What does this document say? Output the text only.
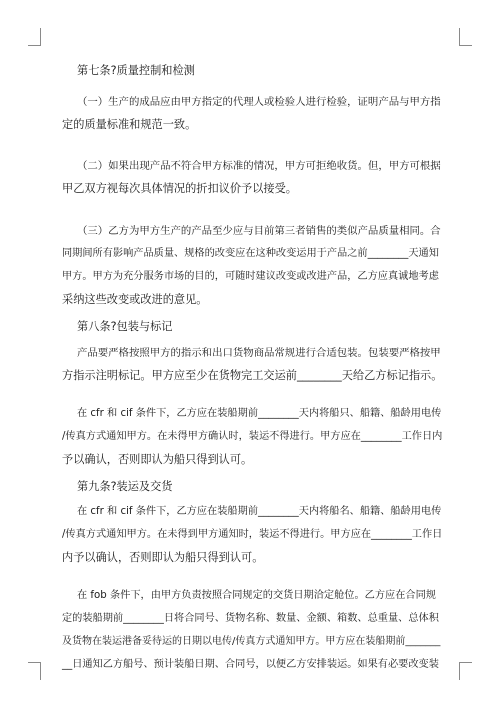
第七条?质量控制和检测
（一）生产的成品应由甲方指定的代理人或检验人进行检验，证明产品与甲方指
定的质量标准和规范一致。
（二）如果出现产品不符合甲方标准的情况，甲方可拒绝收货。但，甲方可根据
甲乙双方视每次具体情况的折扣议价予以接受。
（三）乙方为甲方生产的产品至少应与目前第三者销售的类似产品质量相同。合
同期间所有影响产品质量、规格的改变应在这种改变运用于产品之前________天通知
甲方。甲方为充分服务市场的目的，可随时建议改变或改进产品，乙方应真诚地考虑
采纳这些改变或改进的意见。
第八条?包装与标记
产品要严格按照甲方的指示和出口货物商品常规进行合适包装。包装要严格按甲
方指示注明标记。甲方应至少在货物完工交运前________天给乙方标记指示。
在 cfr 和 cif 条件下，乙方应在装船期前________天内将船只、船籍、船龄用电传
/传真方式通知甲方。在未得甲方确认时，装运不得进行。甲方应在________工作日内
予以确认，否则即认为船只得到认可。
第九条?装运及交货
在 cfr 和 cif 条件下，乙方应在装船期前________天内将船名、船籍、船龄用电传
/传真方式通知甲方。在未得到甲方通知时，装运不得进行。甲方应在________工作日
内予以确认，否则即认为船只得到认可。
在 fob 条件下，由甲方负责按照合同规定的交货日期洽定舱位。乙方应在合同规
定的装船期前________日将合同号、货物名称、数量、金额、箱数、总重量、总体积
及货物在装运港备妥待运的日期以电传/传真方式通知甲方。甲方应在装船期前_______
__日通知乙方船号、预计装船日期、合同号，以便乙方安排装运。如果有必要改变装
